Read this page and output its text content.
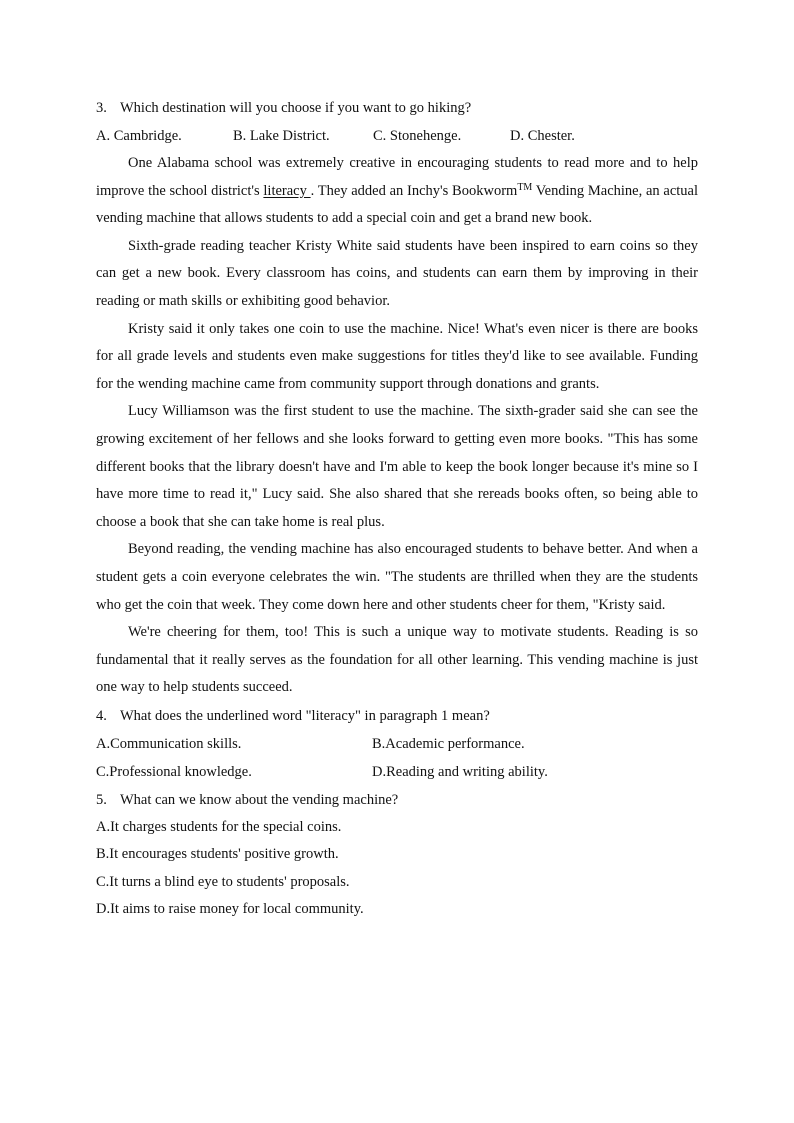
3. Which destination will you choose if you want to go hiking?
A. Cambridge.	B. Lake District.	C. Stonehenge.	D. Chester.

One Alabama school was extremely creative in encouraging students to read more and to help improve the school district's literacy . They added an Inchy's Bookworm™ Vending Machine, an actual vending machine that allows students to add a special coin and get a brand new book.

Sixth-grade reading teacher Kristy White said students have been inspired to earn coins so they can get a new book. Every classroom has coins, and students can earn them by improving in their reading or math skills or exhibiting good behavior.

Kristy said it only takes one coin to use the machine. Nice! What's even nicer is there are books for all grade levels and students even make suggestions for titles they'd like to see available. Funding for the wending machine came from community support through donations and grants.

Lucy Williamson was the first student to use the machine. The sixth-grader said she can see the growing excitement of her fellows and she looks forward to getting even more books. "This has some different books that the library doesn't have and I'm able to keep the book longer because it's mine so I have more time to read it," Lucy said. She also shared that she rereads books often, so being able to choose a book that she can take home is real plus.

Beyond reading, the vending machine has also encouraged students to behave better. And when a student gets a coin everyone celebrates the win. "The students are thrilled when they are the students who get the coin that week. They come down here and other students cheer for them, "Kristy said.

We're cheering for them, too! This is such a unique way to motivate students. Reading is so fundamental that it really serves as the foundation for all other learning. This vending machine is just one way to help students succeed.

4. What does the underlined word "literacy" in paragraph 1 mean?
A.Communication skills.	B.Academic performance.
C.Professional knowledge.	D.Reading and writing ability.
5. What can we know about the vending machine?
A.It charges students for the special coins.
B.It encourages students' positive growth.
C.It turns a blind eye to students' proposals.
D.It aims to raise money for local community.
